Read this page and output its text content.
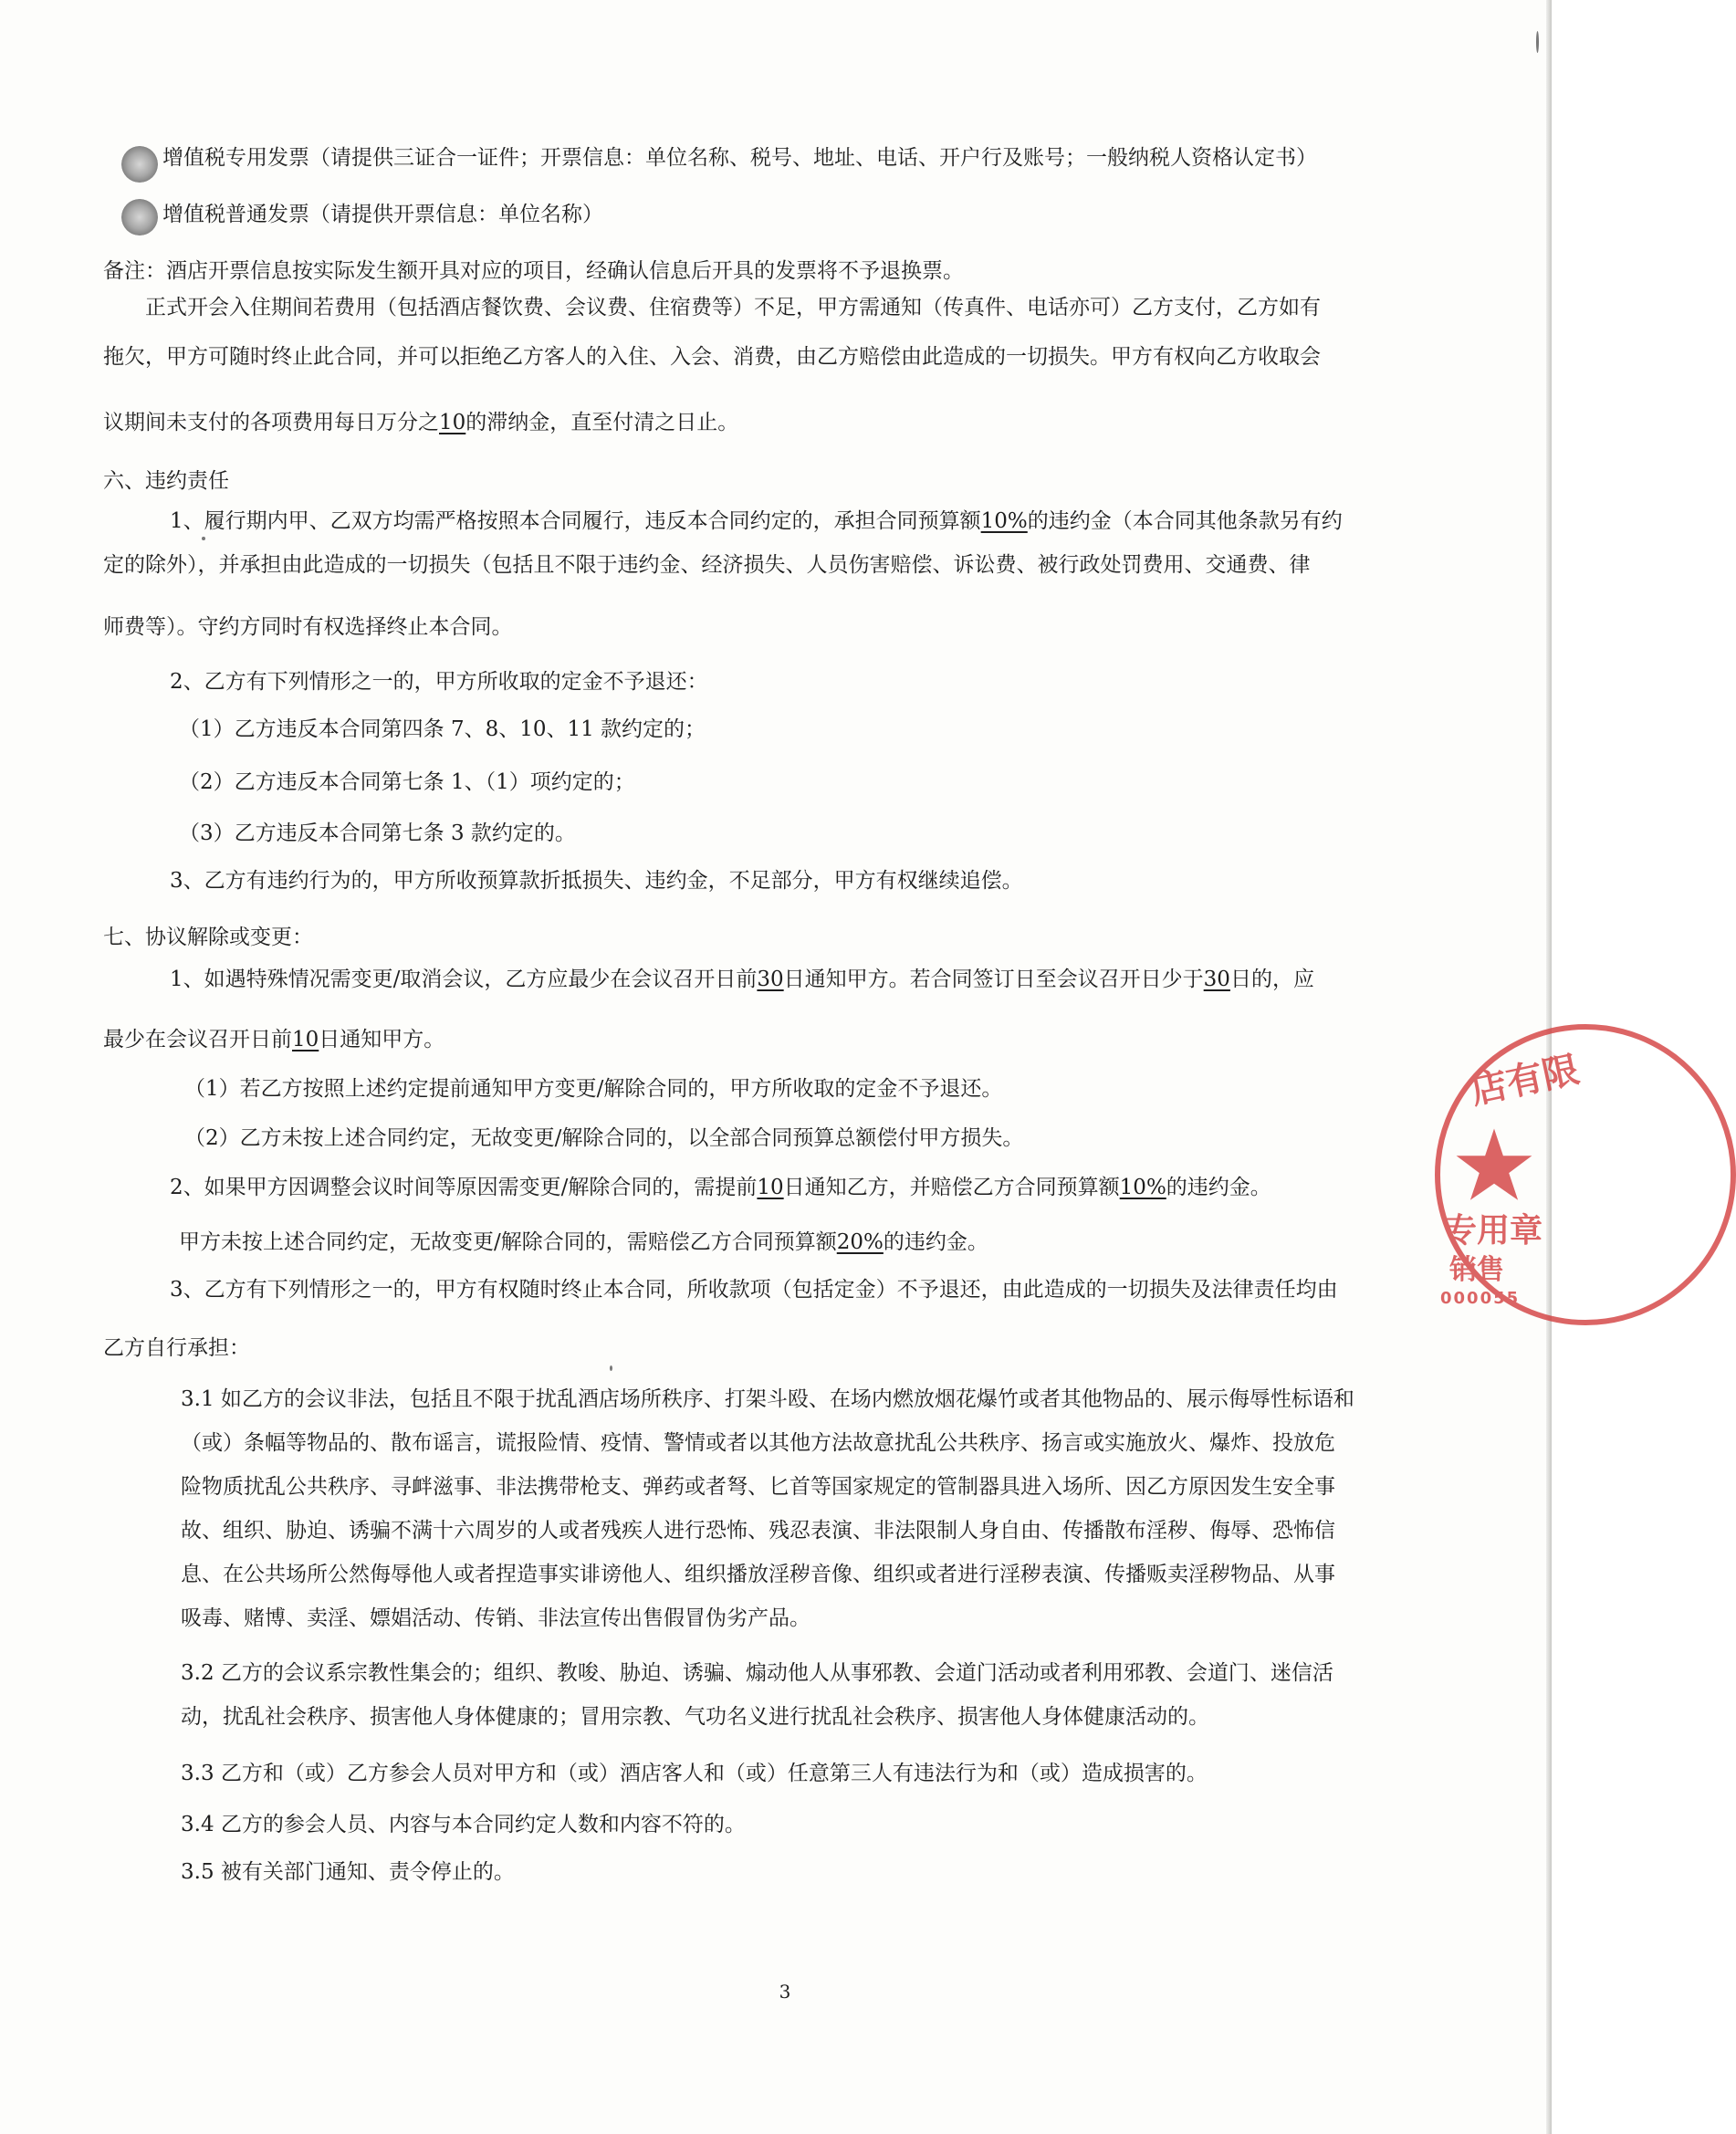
增值税专用发票（请提供三证合一证件；开票信息：单位名称、税号、地址、电话、开户行及账号；一般纳税人资格认定书）
增值税普通发票（请提供开票信息：单位名称）
备注：酒店开票信息按实际发生额开具对应的项目，经确认信息后开具的发票将不予退换票。
正式开会入住期间若费用（包括酒店餐饮费、会议费、住宿费等）不足，甲方需通知（传真件、电话亦可）乙方支付，乙方如有
拖欠，甲方可随时终止此合同，并可以拒绝乙方客人的入住、入会、消费，由乙方赔偿由此造成的一切损失。甲方有权向乙方收取会
议期间未支付的各项费用每日万分之10的滞纳金，直至付清之日止。
六、违约责任
1、履行期内甲、乙双方均需严格按照本合同履行，违反本合同约定的，承担合同预算额10%的违约金（本合同其他条款另有约
定的除外），并承担由此造成的一切损失（包括且不限于违约金、经济损失、人员伤害赔偿、诉讼费、被行政处罚费用、交通费、律
师费等）。守约方同时有权选择终止本合同。
2、乙方有下列情形之一的，甲方所收取的定金不予退还：
（1）乙方违反本合同第四条 7、8、10、11 款约定的；
（2）乙方违反本合同第七条 1、（1）项约定的；
（3）乙方违反本合同第七条 3 款约定的。
3、乙方有违约行为的，甲方所收预算款折抵损失、违约金，不足部分，甲方有权继续追偿。
七、协议解除或变更：
1、如遇特殊情况需变更/取消会议，乙方应最少在会议召开日前30日通知甲方。若合同签订日至会议召开日少于30日的，应
最少在会议召开日前10日通知甲方。
（1）若乙方按照上述约定提前通知甲方变更/解除合同的，甲方所收取的定金不予退还。
（2）乙方未按上述合同约定，无故变更/解除合同的，以全部合同预算总额偿付甲方损失。
2、如果甲方因调整会议时间等原因需变更/解除合同的，需提前10日通知乙方，并赔偿乙方合同预算额10%的违约金。
甲方未按上述合同约定，无故变更/解除合同的，需赔偿乙方合同预算额20%的违约金。
3、乙方有下列情形之一的，甲方有权随时终止本合同，所收款项（包括定金）不予退还，由此造成的一切损失及法律责任均由
乙方自行承担：
3.1 如乙方的会议非法，包括且不限于扰乱酒店场所秩序、打架斗殴、在场内燃放烟花爆竹或者其他物品的、展示侮辱性标语和
（或）条幅等物品的、散布谣言，谎报险情、疫情、警情或者以其他方法故意扰乱公共秩序、扬言或实施放火、爆炸、投放危
险物质扰乱公共秩序、寻衅滋事、非法携带枪支、弹药或者弩、匕首等国家规定的管制器具进入场所、因乙方原因发生安全事
故、组织、胁迫、诱骗不满十六周岁的人或者残疾人进行恐怖、残忍表演、非法限制人身自由、传播散布淫秽、侮辱、恐怖信
息、在公共场所公然侮辱他人或者捏造事实诽谤他人、组织播放淫秽音像、组织或者进行淫秽表演、传播贩卖淫秽物品、从事
吸毒、赌博、卖淫、嫖娼活动、传销、非法宣传出售假冒伪劣产品。
3.2 乙方的会议系宗教性集会的；组织、教唆、胁迫、诱骗、煽动他人从事邪教、会道门活动或者利用邪教、会道门、迷信活
动，扰乱社会秩序、损害他人身体健康的；冒用宗教、气功名义进行扰乱社会秩序、损害他人身体健康活动的。
3.3 乙方和（或）乙方参会人员对甲方和（或）酒店客人和（或）任意第三人有违法行为和（或）造成损害的。
3.4 乙方的参会人员、内容与本合同约定人数和内容不符的。
3.5 被有关部门通知、责令停止的。
店有限
专用章
销售
000055
3
